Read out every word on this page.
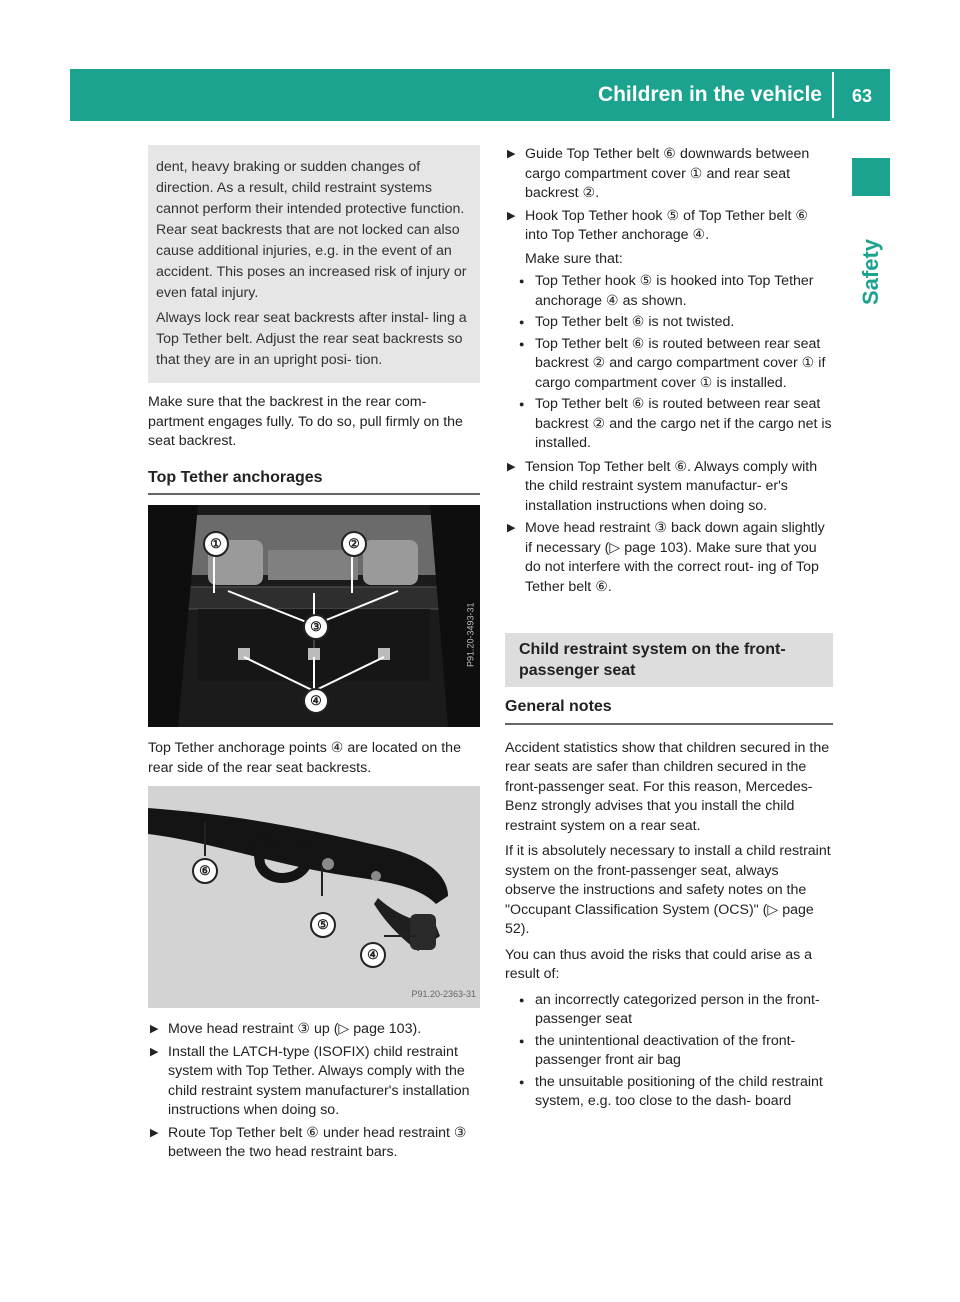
Children in the vehicle	63
Safety

dent, heavy braking or sudden changes of direction. As a result, child restraint systems cannot perform their intended protective function. Rear seat backrests that are not locked can also cause additional injuries, e.g. in the event of an accident. This poses an increased risk of injury or even fatal injury.

Always lock rear seat backrests after instal- ling a Top Tether belt. Adjust the rear seat backrests so that they are in an upright posi- tion.

Make sure that the backrest in the rear com- partment engages fully. To do so, pull firmly on the seat backrest.

Top Tether anchorages
①	②
③
④
P91.20-3493-31

Top Tether anchorage points ④ are located on the rear side of the rear seat backrests.

⑥
⑤
④
P91.20-2363-31
▶ Move head restraint ③ up (▷ page 103).
▶ Install the LATCH-type (ISOFIX) child restraint system with Top Tether. Always comply with the child restraint system manufacturer's installation instructions when doing so.
▶ Route Top Tether belt ⑥ under head restraint ③ between the two head restraint bars.
▶ Guide Top Tether belt ⑥ downwards between cargo compartment cover ① and rear seat backrest ②.
▶ Hook Top Tether hook ⑤ of Top Tether belt ⑥ into Top Tether anchorage ④.

Make sure that:

● Top Tether hook ⑤ is hooked into Top Tether anchorage ④ as shown.
● Top Tether belt ⑥ is not twisted.
● Top Tether belt ⑥ is routed between rear seat backrest ② and cargo compartment cover ① if cargo compartment cover ① is installed.
● Top Tether belt ⑥ is routed between rear seat backrest ② and the cargo net if the cargo net is installed.
▶ Tension Top Tether belt ⑥. Always comply with the child restraint system manufactur- er's installation instructions when doing so.
▶ Move head restraint ③ back down again slightly if necessary (▷ page 103). Make sure that you do not interfere with the correct rout- ing of Top Tether belt ⑥.
Child restraint system on the front- passenger seat
General notes

Accident statistics show that children secured in the rear seats are safer than children secured in the front-passenger seat. For this reason, Mercedes-Benz strongly advises that you install the child restraint system on a rear seat.

If it is absolutely necessary to install a child restraint system on the front-passenger seat, always observe the instructions and safety notes on the "Occupant Classification System (OCS)" (▷ page 52).

You can thus avoid the risks that could arise as a result of:

● an incorrectly categorized person in the front- passenger seat
● the unintentional deactivation of the front- passenger front air bag
● the unsuitable positioning of the child restraint system, e.g. too close to the dash- board
